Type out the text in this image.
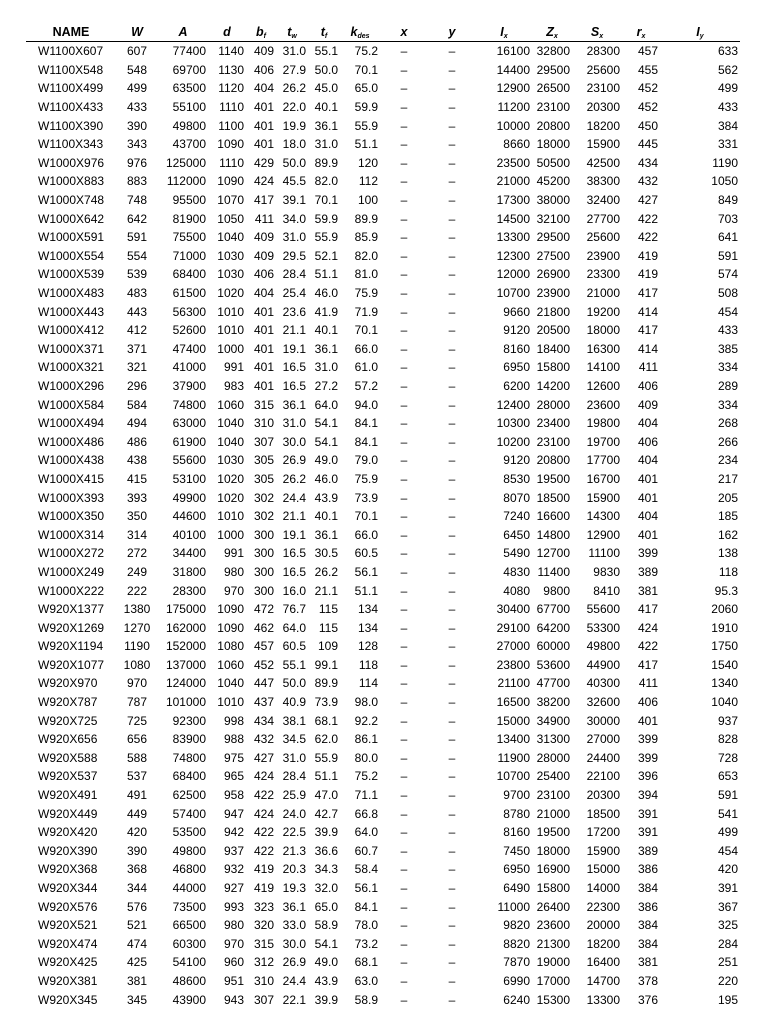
NAME	W	A	d	$b_f$	$t_w$	$t_f$	$k_{des}$	x	y	$I_x$	$Z_x$	$S_x$	$r_x$	$I_y$
W1100X607	607	77400	1140	409	31.0	55.1	75.2	–	–	16100	32800	28300	457	633
W1100X548	548	69700	1130	406	27.9	50.0	70.1	–	–	14400	29500	25600	455	562
W1100X499	499	63500	1120	404	26.2	45.0	65.0	–	–	12900	26500	23100	452	499
W1100X433	433	55100	1110	401	22.0	40.1	59.9	–	–	11200	23100	20300	452	433
W1100X390	390	49800	1100	401	19.9	36.1	55.9	–	–	10000	20800	18200	450	384
W1100X343	343	43700	1090	401	18.0	31.0	51.1	–	–	8660	18000	15900	445	331
W1000X976	976	125000	1110	429	50.0	89.9	120	–	–	23500	50500	42500	434	1190
W1000X883	883	112000	1090	424	45.5	82.0	112	–	–	21000	45200	38300	432	1050
W1000X748	748	95500	1070	417	39.1	70.1	100	–	–	17300	38000	32400	427	849
W1000X642	642	81900	1050	411	34.0	59.9	89.9	–	–	14500	32100	27700	422	703
W1000X591	591	75500	1040	409	31.0	55.9	85.9	–	–	13300	29500	25600	422	641
W1000X554	554	71000	1030	409	29.5	52.1	82.0	–	–	12300	27500	23900	419	591
W1000X539	539	68400	1030	406	28.4	51.1	81.0	–	–	12000	26900	23300	419	574
W1000X483	483	61500	1020	404	25.4	46.0	75.9	–	–	10700	23900	21000	417	508
W1000X443	443	56300	1010	401	23.6	41.9	71.9	–	–	9660	21800	19200	414	454
W1000X412	412	52600	1010	401	21.1	40.1	70.1	–	–	9120	20500	18000	417	433
W1000X371	371	47400	1000	401	19.1	36.1	66.0	–	–	8160	18400	16300	414	385
W1000X321	321	41000	991	401	16.5	31.0	61.0	–	–	6950	15800	14100	411	334
W1000X296	296	37900	983	401	16.5	27.2	57.2	–	–	6200	14200	12600	406	289
W1000X584	584	74800	1060	315	36.1	64.0	94.0	–	–	12400	28000	23600	409	334
W1000X494	494	63000	1040	310	31.0	54.1	84.1	–	–	10300	23400	19800	404	268
W1000X486	486	61900	1040	307	30.0	54.1	84.1	–	–	10200	23100	19700	406	266
W1000X438	438	55600	1030	305	26.9	49.0	79.0	–	–	9120	20800	17700	404	234
W1000X415	415	53100	1020	305	26.2	46.0	75.9	–	–	8530	19500	16700	401	217
W1000X393	393	49900	1020	302	24.4	43.9	73.9	–	–	8070	18500	15900	401	205
W1000X350	350	44600	1010	302	21.1	40.1	70.1	–	–	7240	16600	14300	404	185
W1000X314	314	40100	1000	300	19.1	36.1	66.0	–	–	6450	14800	12900	401	162
W1000X272	272	34400	991	300	16.5	30.5	60.5	–	–	5490	12700	11100	399	138
W1000X249	249	31800	980	300	16.5	26.2	56.1	–	–	4830	11400	9830	389	118
W1000X222	222	28300	970	300	16.0	21.1	51.1	–	–	4080	9800	8410	381	95.3
W920X1377	1380	175000	1090	472	76.7	115	134	–	–	30400	67700	55600	417	2060
W920X1269	1270	162000	1090	462	64.0	115	134	–	–	29100	64200	53300	424	1910
W920X1194	1190	152000	1080	457	60.5	109	128	–	–	27000	60000	49800	422	1750
W920X1077	1080	137000	1060	452	55.1	99.1	118	–	–	23800	53600	44900	417	1540
W920X970	970	124000	1040	447	50.0	89.9	114	–	–	21100	47700	40300	411	1340
W920X787	787	101000	1010	437	40.9	73.9	98.0	–	–	16500	38200	32600	406	1040
W920X725	725	92300	998	434	38.1	68.1	92.2	–	–	15000	34900	30000	401	937
W920X656	656	83900	988	432	34.5	62.0	86.1	–	–	13400	31300	27000	399	828
W920X588	588	74800	975	427	31.0	55.9	80.0	–	–	11900	28000	24400	399	728
W920X537	537	68400	965	424	28.4	51.1	75.2	–	–	10700	25400	22100	396	653
W920X491	491	62500	958	422	25.9	47.0	71.1	–	–	9700	23100	20300	394	591
W920X449	449	57400	947	424	24.0	42.7	66.8	–	–	8780	21000	18500	391	541
W920X420	420	53500	942	422	22.5	39.9	64.0	–	–	8160	19500	17200	391	499
W920X390	390	49800	937	422	21.3	36.6	60.7	–	–	7450	18000	15900	389	454
W920X368	368	46800	932	419	20.3	34.3	58.4	–	–	6950	16900	15000	386	420
W920X344	344	44000	927	419	19.3	32.0	56.1	–	–	6490	15800	14000	384	391
W920X576	576	73500	993	323	36.1	65.0	84.1	–	–	11000	26400	22300	386	367
W920X521	521	66500	980	320	33.0	58.9	78.0	–	–	9820	23600	20000	384	325
W920X474	474	60300	970	315	30.0	54.1	73.2	–	–	8820	21300	18200	384	284
W920X425	425	54100	960	312	26.9	49.0	68.1	–	–	7870	19000	16400	381	251
W920X381	381	48600	951	310	24.4	43.9	63.0	–	–	6990	17000	14700	378	220
W920X345	345	43900	943	307	22.1	39.9	58.9	–	–	6240	15300	13300	376	195
